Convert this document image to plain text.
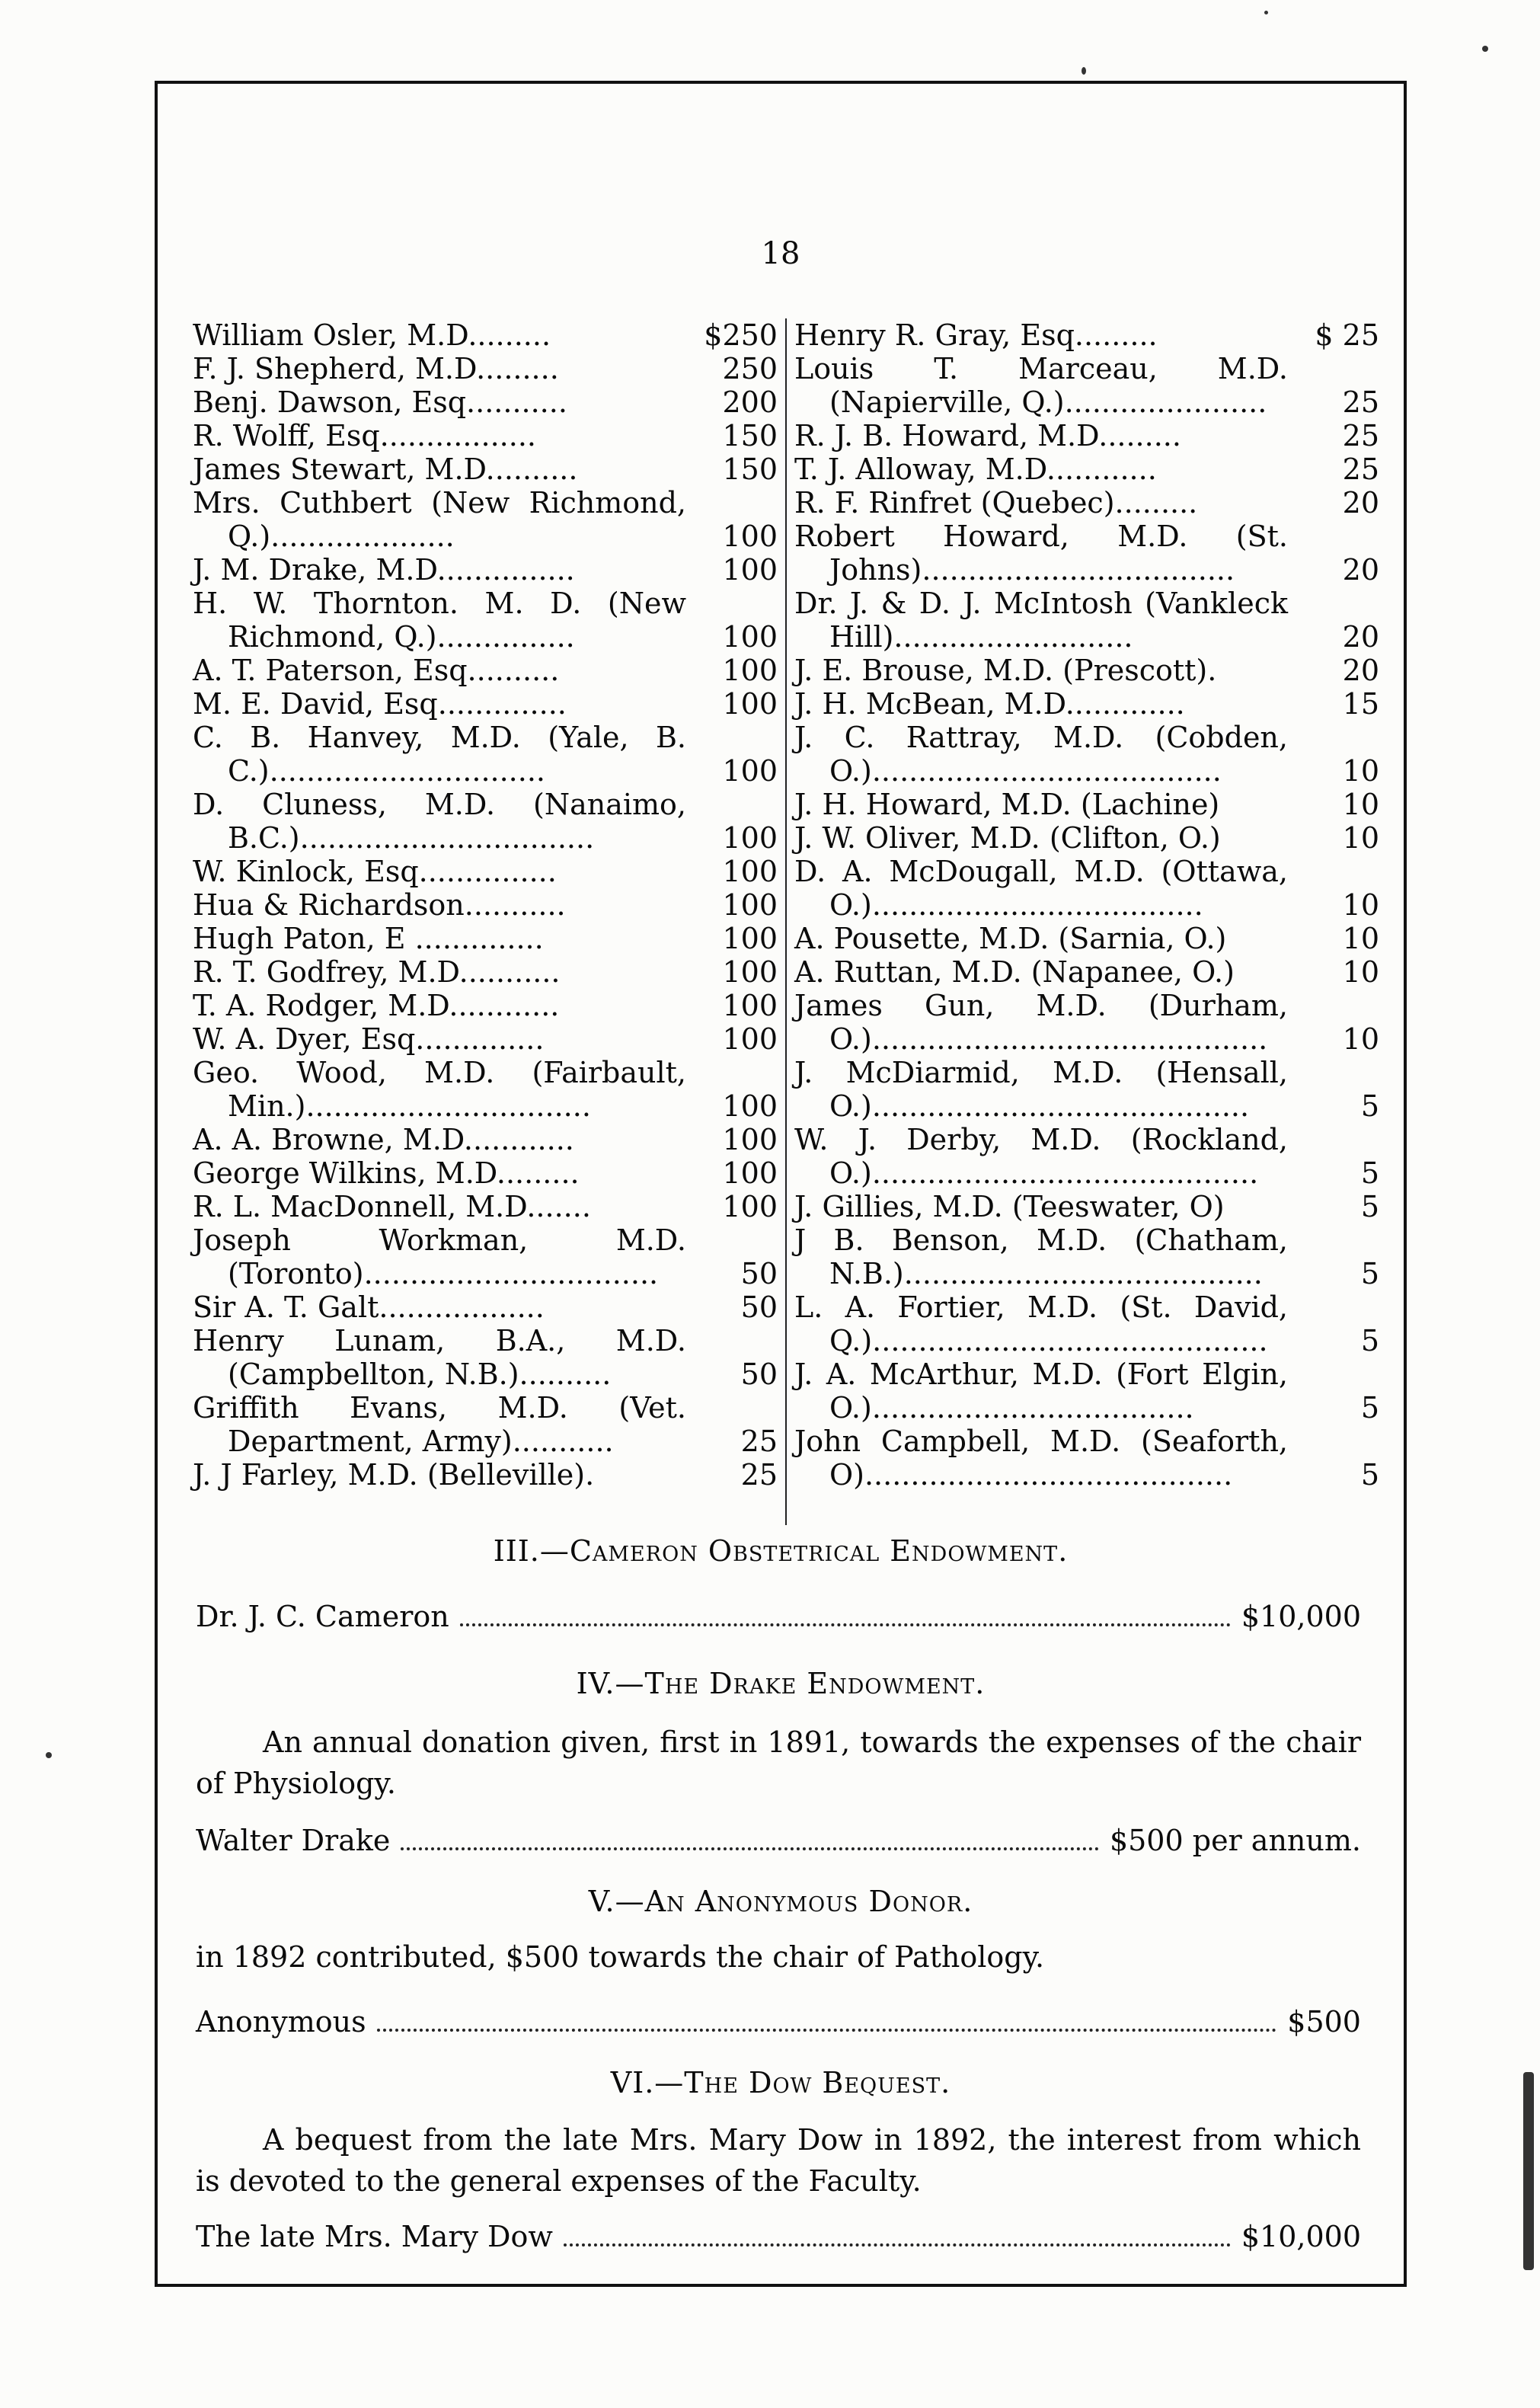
18
William Osler, M.D.........	$250
F. J. Shepherd, M.D.........	250
Benj. Dawson, Esq...........	200
R. Wolff, Esq.................	150
James Stewart, M.D..........	150
Mrs. Cuthbert (New Richmond, Q.)....................	100
J. M. Drake, M.D...............	100
H. W. Thornton. M. D. (New Richmond, Q.)...............	100
A. T. Paterson, Esq..........	100
M. E. David, Esq..............	100
C. B. Hanvey, M.D. (Yale, B. C.)..............................	100
D. Cluness, M.D. (Nanaimo, B.C.)................................	100
W. Kinlock, Esq...............	100
Hua & Richardson...........	100
Hugh Paton, E ..............	100
R. T. Godfrey, M.D...........	100
T. A. Rodger, M.D............	100
W. A. Dyer, Esq..............	100
Geo. Wood, M.D. (Fairbault, Min.)...............................	100
A. A. Browne, M.D............	100
George Wilkins, M.D.........	100
R. L. MacDonnell, M.D.......	100
Joseph Workman, M.D. (Toronto)................................	50
Sir A. T. Galt..................	50
Henry Lunam, B.A., M.D. (Campbellton, N.B.)..........	50
Griffith Evans, M.D. (Vet. Department, Army)...........	25
J. J Farley, M.D. (Belleville).	25
Henry R. Gray, Esq.........	$ 25
Louis T. Marceau, M.D. (Napierville, Q.)......................	25
R. J. B. Howard, M.D.........	25
T. J. Alloway, M.D............	25
R. F. Rinfret (Quebec).........	20
Robert Howard, M.D. (St. Johns)..................................	20
Dr. J. & D. J. McIntosh (Vankleck Hill)..........................	20
J. E. Brouse, M.D. (Prescott).	20
J. H. McBean, M.D.............	15
J. C. Rattray, M.D. (Cobden, O.)......................................	10
J. H. Howard, M.D. (Lachine)	10
J. W. Oliver, M.D. (Clifton, O.)	10
D. A. McDougall, M.D. (Ottawa, O.)....................................	10
A. Pousette, M.D. (Sarnia, O.)	10
A. Ruttan, M.D. (Napanee, O.)	10
James Gun, M.D. (Durham, O.)...........................................	10
J. McDiarmid, M.D. (Hensall, O.).........................................	5
W. J. Derby, M.D. (Rockland, O.)..........................................	5
J. Gillies, M.D. (Teeswater, O)	5
J B. Benson, M.D. (Chatham, N.B.).......................................	5
L. A. Fortier, M.D. (St. David, Q.)...........................................	5
J. A. McArthur, M.D. (Fort Elgin, O.)...................................	5
John Campbell, M.D. (Seaforth, O)........................................	5
III.—Cameron Obstetrical Endowment.
Dr. J. C. Cameron	$10,000
IV.—The Drake Endowment.
An annual donation given, first in 1891, towards the expenses of the chair of Physiology.
Walter Drake	$500 per annum.
V.—An Anonymous Donor.
in 1892 contributed, $500 towards the chair of Pathology.
Anonymous	$500
VI.—The Dow Bequest.
A bequest from the late Mrs. Mary Dow in 1892, the interest from which is devoted to the general expenses of the Faculty.
The late Mrs. Mary Dow	$10,000
